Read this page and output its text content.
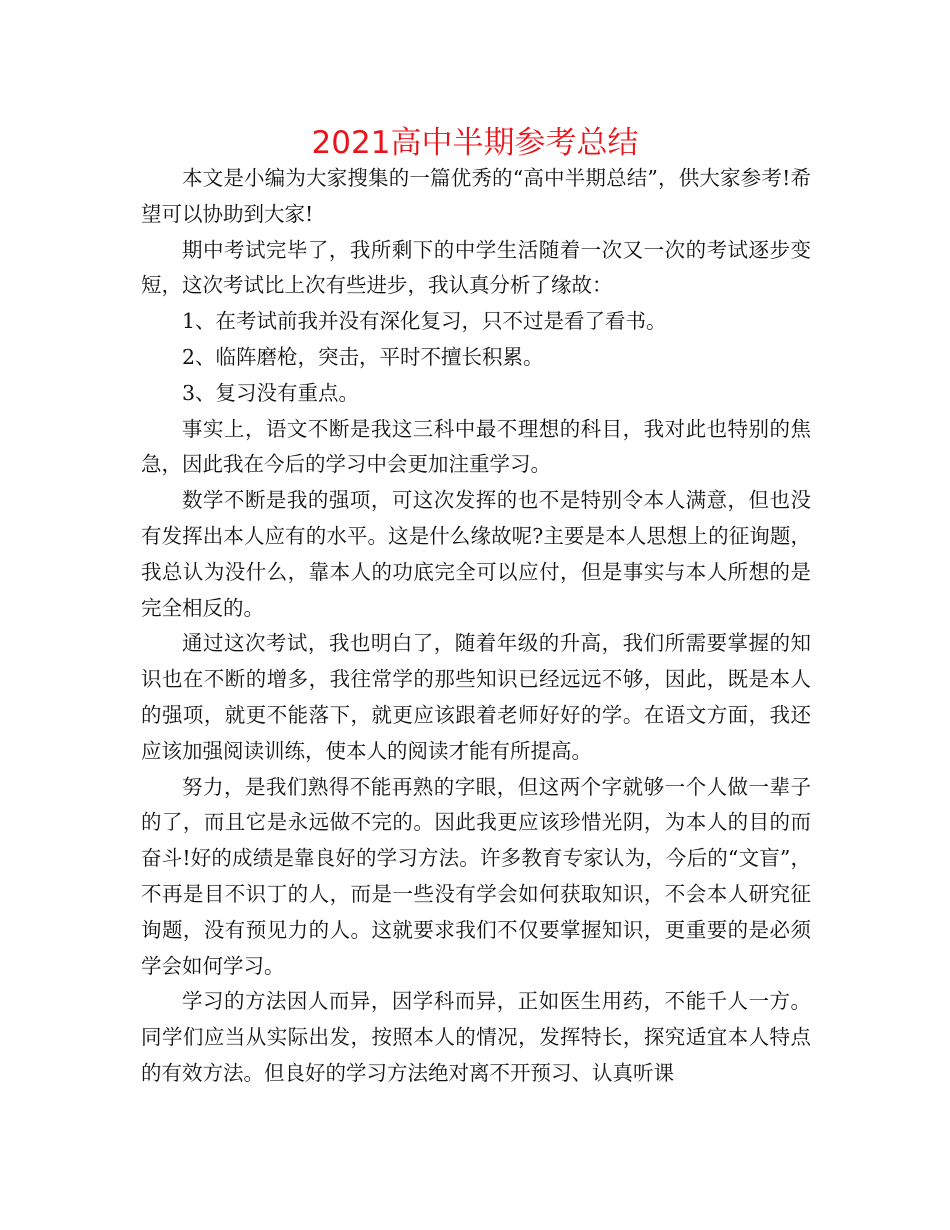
2021高中半期参考总结

本文是小编为大家搜集的一篇优秀的“高中半期总结”，供大家参考!希望可以协助到大家!

期中考试完毕了，我所剩下的中学生活随着一次又一次的考试逐步变短，这次考试比上次有些进步，我认真分析了缘故：

1、在考试前我并没有深化复习，只不过是看了看书。

2、临阵磨枪，突击，平时不擅长积累。

3、复习没有重点。

事实上，语文不断是我这三科中最不理想的科目，我对此也特别的焦急，因此我在今后的学习中会更加注重学习。

数学不断是我的强项，可这次发挥的也不是特别令本人满意，但也没有发挥出本人应有的水平。这是什么缘故呢?主要是本人思想上的征询题，我总认为没什么，靠本人的功底完全可以应付，但是事实与本人所想的是完全相反的。

通过这次考试，我也明白了，随着年级的升高，我们所需要掌握的知识也在不断的增多，我往常学的那些知识已经远远不够，因此，既是本人的强项，就更不能落下，就更应该跟着老师好好的学。在语文方面，我还应该加强阅读训练，使本人的阅读才能有所提高。

努力，是我们熟得不能再熟的字眼，但这两个字就够一个人做一辈子的了，而且它是永远做不完的。因此我更应该珍惜光阴，为本人的目的而奋斗!好的成绩是靠良好的学习方法。许多教育专家认为，今后的“文盲”，不再是目不识丁的人，而是一些没有学会如何获取知识，不会本人研究征询题，没有预见力的人。这就要求我们不仅要掌握知识，更重要的是必须学会如何学习。

学习的方法因人而异，因学科而异，正如医生用药，不能千人一方。同学们应当从实际出发，按照本人的情况，发挥特长，探究适宜本人特点的有效方法。但良好的学习方法绝对离不开预习、认真听课
